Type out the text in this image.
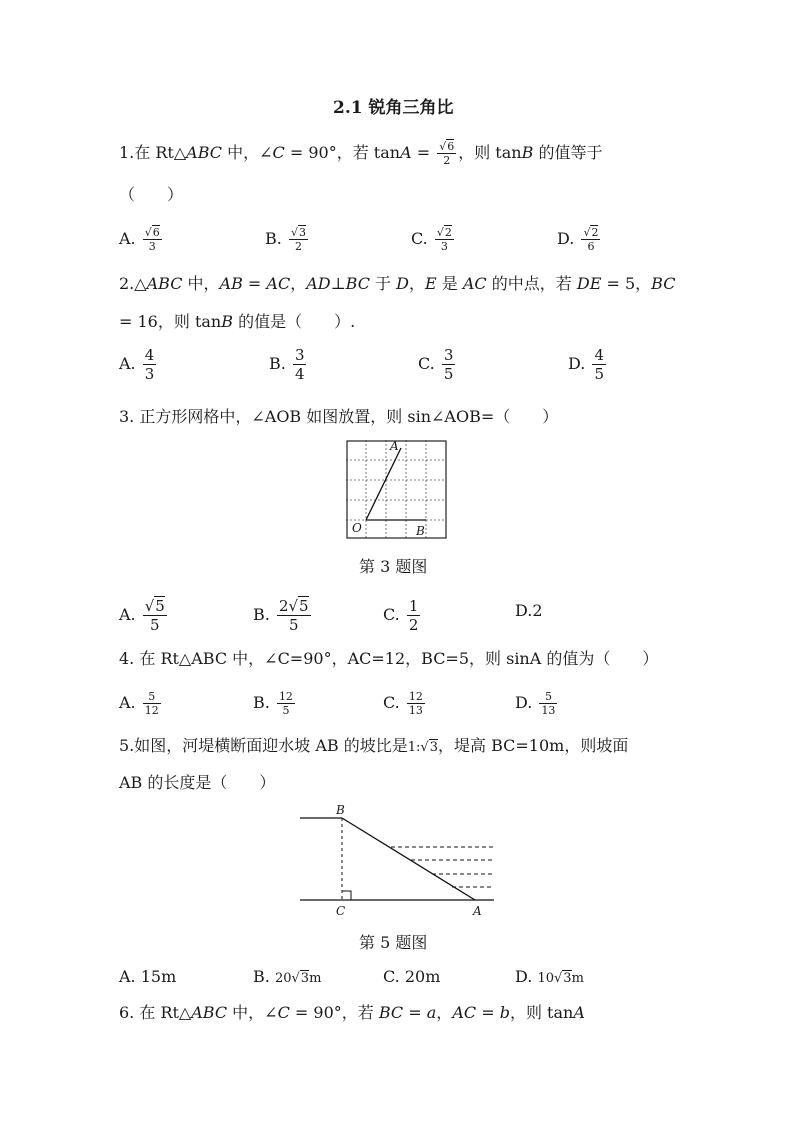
2.1 锐角三角比
1.在 Rt△ABC 中，∠C = 90°，若 $\tan A = \frac{√6}{2}$ ，则 tanB 的值等于
（　　）
A. $\frac{√6}{3}$	B. $\frac{√3}{2}$	C. $\frac{√2}{3}$	D. $\frac{√2}{6}$
2.△ABC 中，AB = AC，AD⊥BC 于 D，E 是 AC 的中点，若 DE = 5，BC
= 16，则 tanB 的值是（　　）.
A. $\frac{4}{3}$	B. $\frac{3}{4}$	C. $\frac{3}{5}$	D. $\frac{4}{5}$
3. 正方形网格中，∠AOB 如图放置，则 sin∠AOB=（　　）
A
O	B
第 3 题图
A. $\frac{√5}{5}$	B. $\frac{2√5}{5}$	C. $\frac{1}{2}$	D.2
4. 在 Rt△ABC 中，∠C=90°，AC=12，BC=5，则 sinA 的值为（　　）
A. $\frac{5}{12}$	B. $\frac{12}{5}$	C. $\frac{12}{13}$	D. $\frac{5}{13}$
5.如图，河堤横断面迎水坡 AB 的坡比是1:√3，堤高 BC=10m，则坡面
AB 的长度是（　　）
B
C	A
第 5 题图
A. 15m	B. 20√3m	C. 20m	D. 10√3m
6. 在 Rt△ABC 中，∠C = 90°，若 BC = a，AC = b，则 tanA
